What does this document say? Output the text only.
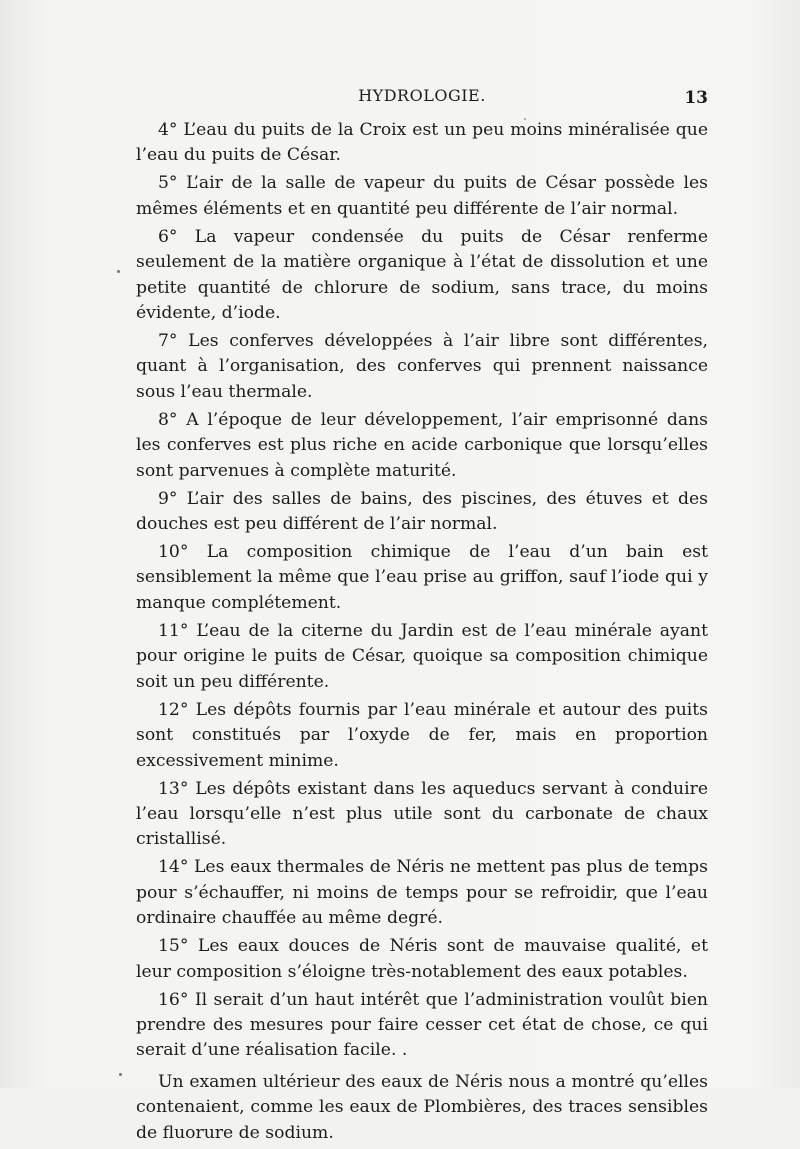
HYDROLOGIE.	13

4° L’eau du puits de la Croix est un peu moins minéralisée que l’eau du puits de César.

5° L’air de la salle de vapeur du puits de César possède les mêmes éléments et en quantité peu différente de l’air normal.

6° La vapeur condensée du puits de César renferme seulement de la matière organique à l’état de dissolution et une petite quantité de chlorure de sodium, sans trace, du moins évidente, d’iode.

7° Les conferves développées à l’air libre sont différentes, quant à l’organisation, des conferves qui prennent naissance sous l’eau thermale.

8° A l’époque de leur développement, l’air emprisonné dans les conferves est plus riche en acide carbonique que lorsqu’elles sont parvenues à complète maturité.

9° L’air des salles de bains, des piscines, des étuves et des douches est peu différent de l’air normal.

10° La composition chimique de l’eau d’un bain est sensiblement la même que l’eau prise au griffon, sauf l’iode qui y manque complétement.

11° L’eau de la citerne du Jardin est de l’eau minérale ayant pour origine le puits de César, quoique sa composition chimique soit un peu différente.

12° Les dépôts fournis par l’eau minérale et autour des puits sont constitués par l’oxyde de fer, mais en proportion excessivement minime.

13° Les dépôts existant dans les aqueducs servant à conduire l’eau lorsqu’elle n’est plus utile sont du carbonate de chaux cristallisé.

14° Les eaux thermales de Néris ne mettent pas plus de temps pour s’échauffer, ni moins de temps pour se refroidir, que l’eau ordinaire chauffée au même degré.

15° Les eaux douces de Néris sont de mauvaise qualité, et leur composition s’éloigne très-notablement des eaux potables.

16° Il serait d’un haut intérêt que l’administration voulût bien prendre des mesures pour faire cesser cet état de chose, ce qui serait d’une réalisation facile. .

Un examen ultérieur des eaux de Néris nous a montré qu’elles contenaient, comme les eaux de Plombières, des traces sensibles de fluorure de sodium.
